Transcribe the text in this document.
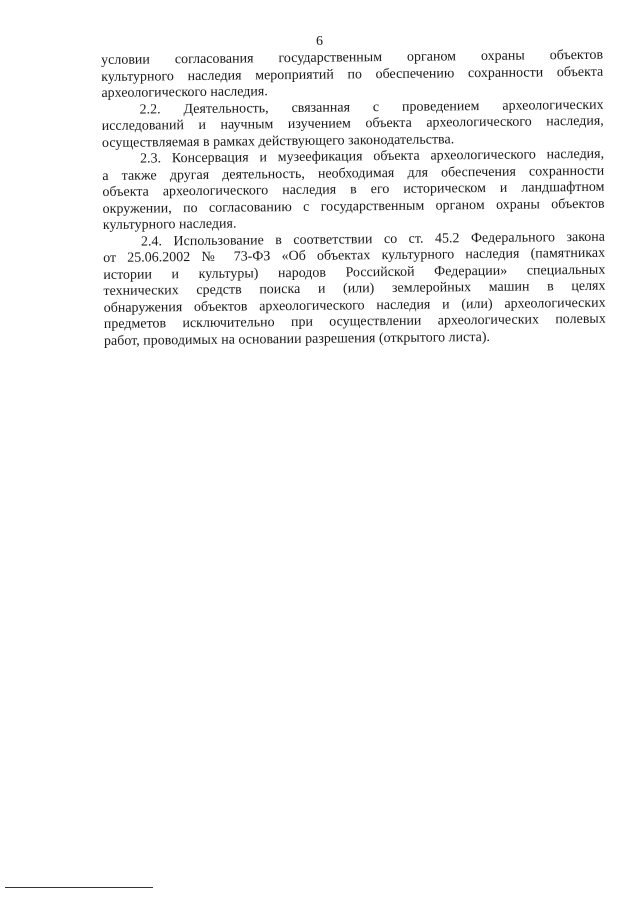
6

условии согласования государственным органом охраны объектов
культурного наследия мероприятий по обеспечению сохранности объекта
археологического наследия.

2.2. Деятельность, связанная с проведением археологических
исследований и научным изучением объекта археологического наследия,
осуществляемая в рамках действующего законодательства.

2.3. Консервация и музеефикация объекта археологического наследия,
а также другая деятельность, необходимая для обеспечения сохранности
объекта археологического наследия в его историческом и ландшафтном
окружении, по согласованию с государственным органом охраны объектов
культурного наследия.

2.4. Использование в соответствии со ст. 45.2 Федерального закона
от 25.06.2002 № 73-ФЗ «Об объектах культурного наследия (памятниках
истории и культуры) народов Российской Федерации» специальных
технических средств поиска и (или) землеройных машин в целях
обнаружения объектов археологического наследия и (или) археологических
предметов исключительно при осуществлении археологических полевых
работ, проводимых на основании разрешения (открытого листа).
